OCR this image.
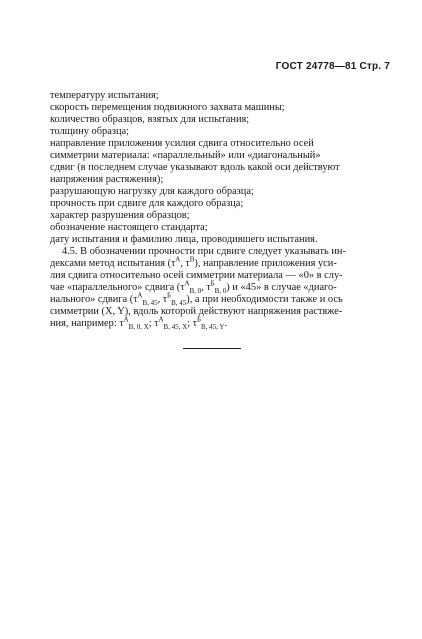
ГОСТ 24778—81 Стр. 7
температуру испытания;
скорость перемещения подвижного захвата машины;
количество образцов, взятых для испытания;
толщину образца;
направление приложения усилия сдвига относительно осей
симметрии материала: «параллельный» или «диагональный»
сдвиг (в последнем случае указывают вдоль какой оси действуют
напряжения растяжения);
разрушающую нагрузку для каждого образца;
прочность при сдвиге для каждого образца;
характер разрушения образцов;
обозначение настоящего стандарта;
дату испытания и фамилию лица, проводившего испытания.
4.5. В обозначении прочности при сдвиге следует указывать ин-
дексами метод испытания ($\tau^A$, $\tau^B$), направление приложения уси-
лия сдвига относительно осей симметрии материала — «0» в слу-
чае «параллельного» сдвига ($\tau^A_{B, 0}$, $\tau^Б_{B, 0}$) и «45» в случае «диаго-
нального» сдвига ($\tau^A_{B, 45}$, $\tau^Б_{B, 45}$), а при необходимости также и ось
симметрии (X, Y), вдоль которой действуют напряжения растяже-
ния, например: $\tau^A_{B, 0, X}$; $\tau^A_{B, 45, X}$; $\tau^Б_{B, 45, Y}$.
